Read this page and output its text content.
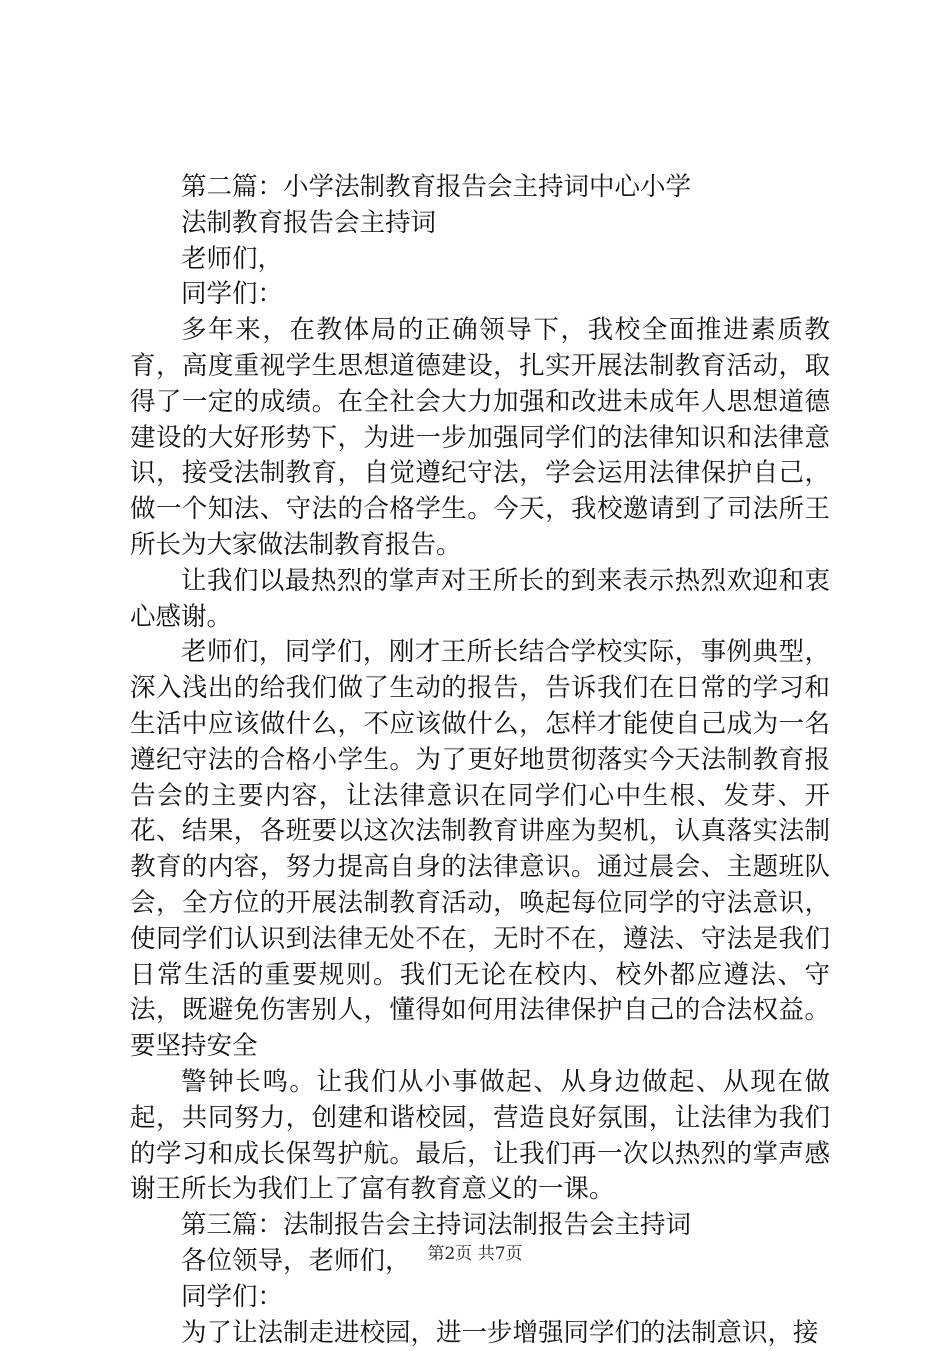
第二篇：小学法制教育报告会主持词中心小学

法制教育报告会主持词

老师们，

同学们：

多年来，在教体局的正确领导下，我校全面推进素质教育，高度重视学生思想道德建设，扎实开展法制教育活动，取得了一定的成绩。在全社会大力加强和改进未成年人思想道德建设的大好形势下，为进一步加强同学们的法律知识和法律意识，接受法制教育，自觉遵纪守法，学会运用法律保护自己，做一个知法、守法的合格学生。今天，我校邀请到了司法所王所长为大家做法制教育报告。

让我们以最热烈的掌声对王所长的到来表示热烈欢迎和衷心感谢。

老师们，同学们，刚才王所长结合学校实际，事例典型，深入浅出的给我们做了生动的报告，告诉我们在日常的学习和生活中应该做什么，不应该做什么，怎样才能使自己成为一名遵纪守法的合格小学生。为了更好地贯彻落实今天法制教育报告会的主要内容，让法律意识在同学们心中生根、发芽、开花、结果，各班要以这次法制教育讲座为契机，认真落实法制教育的内容，努力提高自身的法律意识。通过晨会、主题班队会，全方位的开展法制教育活动，唤起每位同学的守法意识，使同学们认识到法律无处不在，无时不在，遵法、守法是我们日常生活的重要规则。我们无论在校内、校外都应遵法、守法，既避免伤害别人，懂得如何用法律保护自己的合法权益。要坚持安全

警钟长鸣。让我们从小事做起、从身边做起、从现在做起，共同努力，创建和谐校园，营造良好氛围，让法律为我们的学习和成长保驾护航。最后，让我们再一次以热烈的掌声感谢王所长为我们上了富有教育意义的一课。

第三篇：法制报告会主持词法制报告会主持词

各位领导，老师们，

同学们：

为了让法制走进校园，进一步增强同学们的法制意识，接

第2页 共7页
